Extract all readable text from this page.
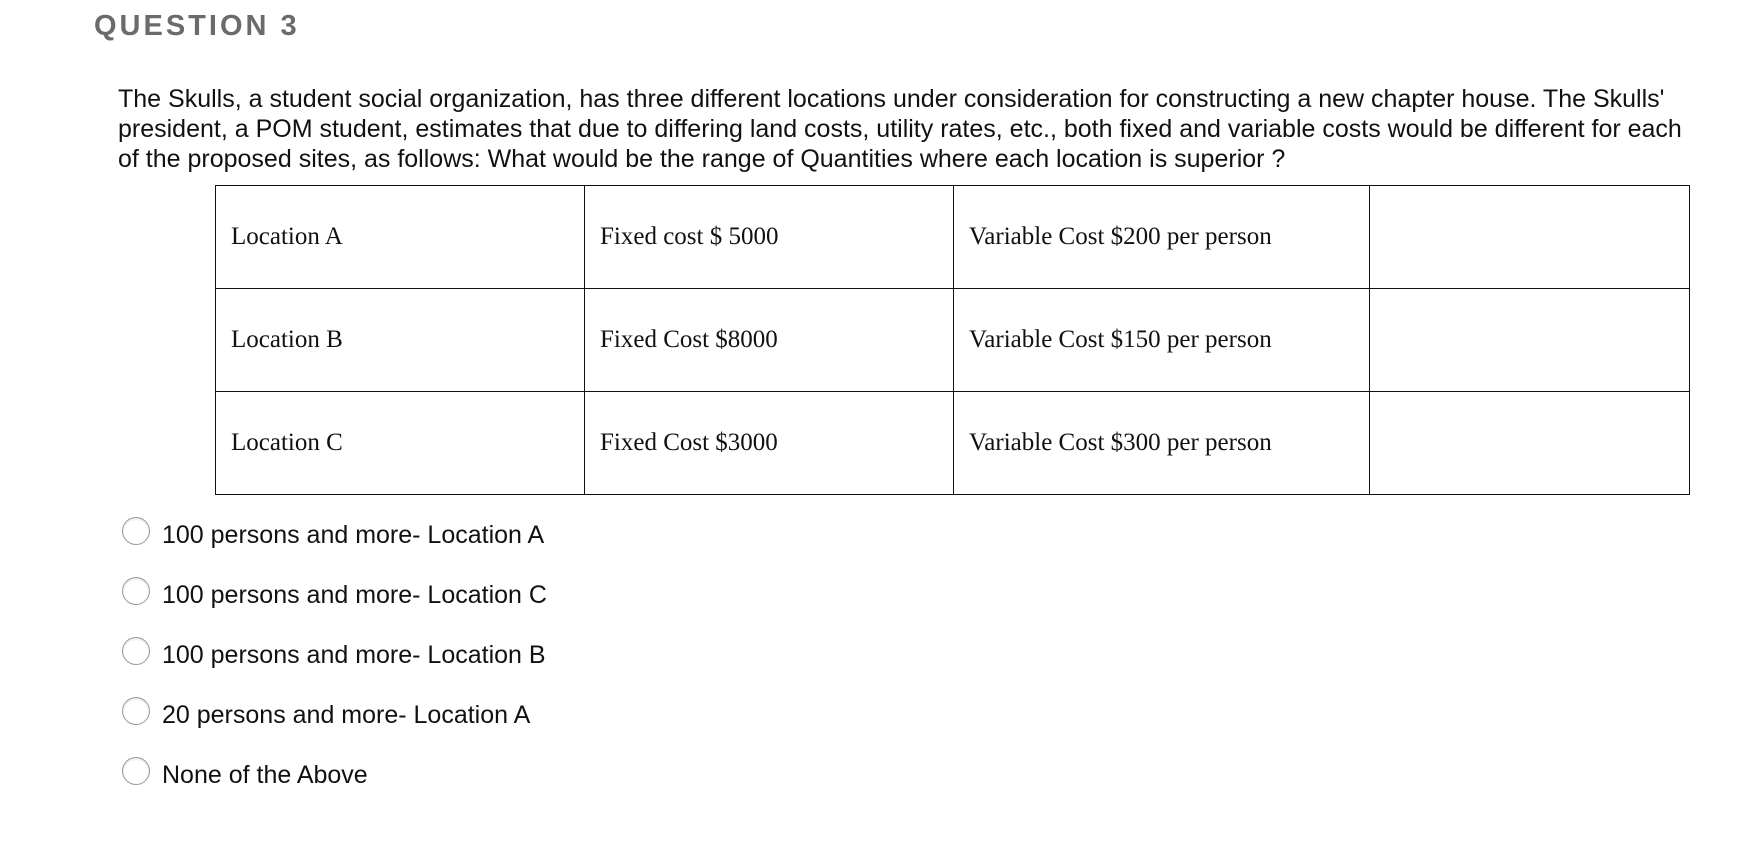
QUESTION 3
The Skulls, a student social organization, has three different locations under consideration for constructing a new chapter house. The Skulls' president, a POM student, estimates that due to differing land costs, utility rates, etc., both fixed and variable costs would be different for each of the proposed sites, as follows: What would be the range of Quantities where each location is superior ?
Location A	Fixed cost $ 5000	Variable Cost $200 per person	
Location B	Fixed Cost $8000	Variable Cost $150 per person	
Location C	Fixed Cost $3000	Variable Cost $300 per person	
100 persons and more- Location A
100 persons and more- Location C
100 persons and more- Location B
20 persons and more- Location A
None of the Above
